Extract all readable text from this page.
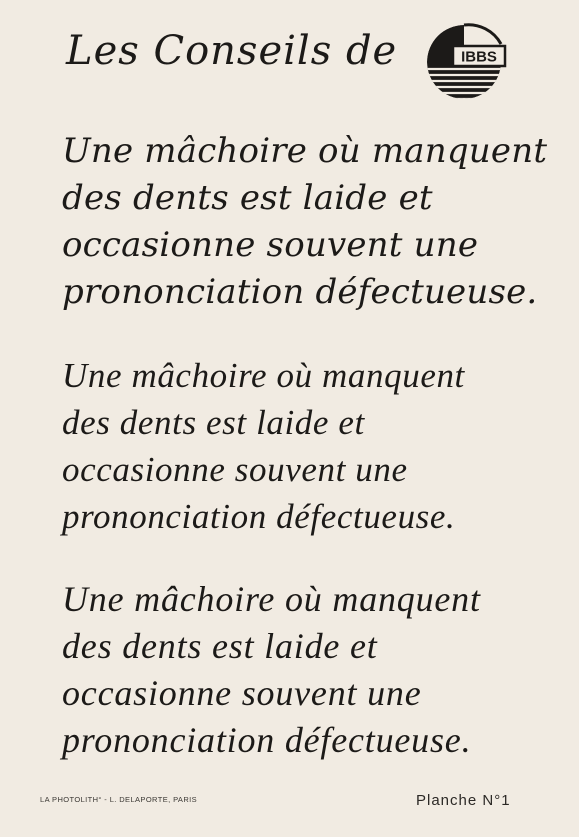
Les Conseils de	IBBS
Une mâchoire où manquent
des dents est laide et
occasionne souvent une
prononciation défectueuse.
Une mâchoire où manquent
des dents est laide et
occasionne souvent une
prononciation défectueuse.
Une mâchoire où manquent
des dents est laide et
occasionne souvent une
prononciation défectueuse.
LA PHOTOLITH° - L. DELAPORTE, PARIS	Planche N°1
